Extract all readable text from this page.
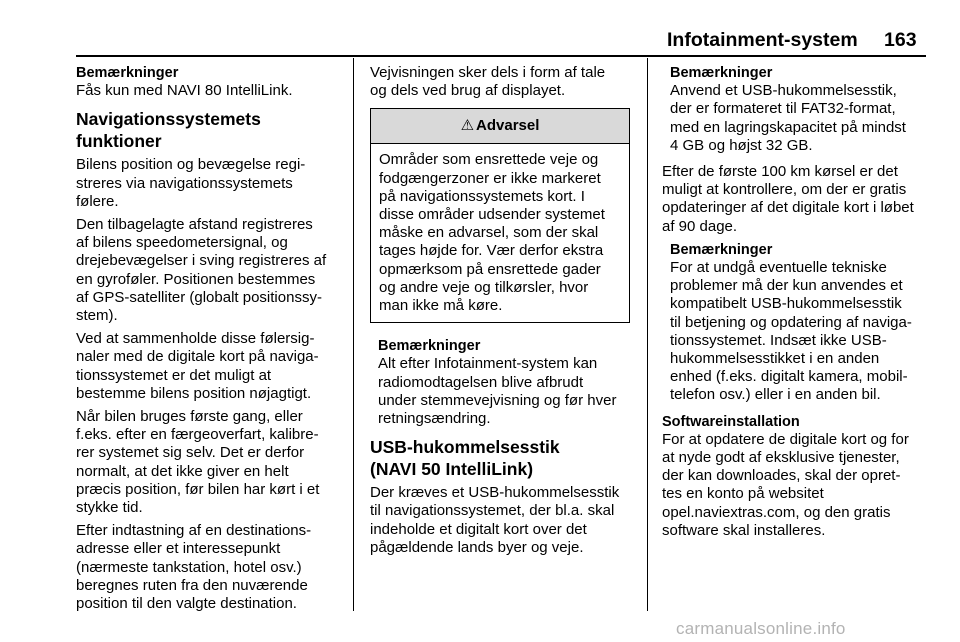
Infotainment-system 163
Bemærkninger
Fås kun med NAVI 80 IntelliLink.
Navigationssystemets funktioner
Bilens position og bevægelse regi-
streres via navigationssystemets
følere.
Den tilbagelagte afstand registreres
af bilens speedometersignal, og
drejebevægelser i sving registreres af
en gyroføler. Positionen bestemmes
af GPS-satelliter (globalt positionssy-
stem).
Ved at sammenholde disse følersig-
naler med de digitale kort på naviga-
tionssystemet er det muligt at
bestemme bilens position nøjagtigt.
Når bilen bruges første gang, eller
f.eks. efter en færgeoverfart, kalibre-
rer systemet sig selv. Det er derfor
normalt, at det ikke giver en helt
præcis position, før bilen har kørt i et
stykke tid.
Efter indtastning af en destinations-
adresse eller et interessepunkt
(nærmeste tankstation, hotel osv.)
beregnes ruten fra den nuværende
position til den valgte destination.
Vejvisningen sker dels i form af tale
og dels ved brug af displayet.
⚠ Advarsel
Områder som ensrettede veje og
fodgængerzoner er ikke markeret
på navigationssystemets kort. I
disse områder udsender systemet
måske en advarsel, som der skal
tages højde for. Vær derfor ekstra
opmærksom på ensrettede gader
og andre veje og tilkørsler, hvor
man ikke må køre.
Bemærkninger
Alt efter Infotainment-system kan
radiomodtagelsen blive afbrudt
under stemmevejvisning og før hver
retningsændring.
USB-hukommelsesstik
(NAVI 50 IntelliLink)
Der kræves et USB-hukommelsesstik
til navigationssystemet, der bl.a. skal
indeholde et digitalt kort over det
pågældende lands byer og veje.
Bemærkninger
Anvend et USB-hukommelsesstik,
der er formateret til FAT32-format,
med en lagringskapacitet på mindst
4 GB og højst 32 GB.
Efter de første 100 km kørsel er det
muligt at kontrollere, om der er gratis
opdateringer af det digitale kort i løbet
af 90 dage.
Bemærkninger
For at undgå eventuelle tekniske
problemer må der kun anvendes et
kompatibelt USB-hukommelsesstik
til betjening og opdatering af naviga-
tionssystemet. Indsæt ikke USB-
hukommelsesstikket i en anden
enhed (f.eks. digitalt kamera, mobil-
telefon osv.) eller i en anden bil.
Softwareinstallation
For at opdatere de digitale kort og for
at nyde godt af eksklusive tjenester,
der kan downloades, skal der opret-
tes en konto på websitet
opel.naviextras.com, og den gratis
software skal installeres.
carmanualsonline.info
